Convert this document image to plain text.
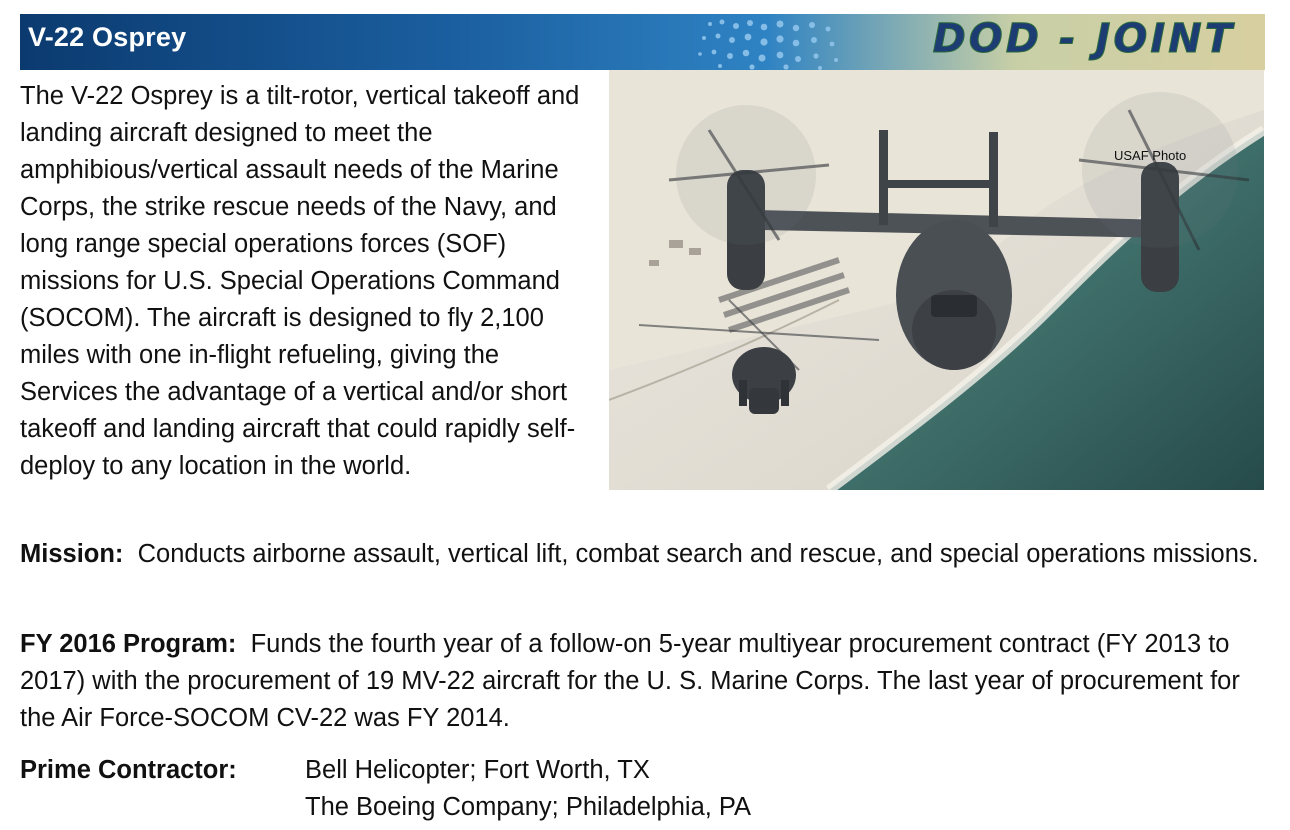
V-22 Osprey	DOD - JOINT

The V-22 Osprey is a tilt-rotor, vertical takeoff and landing aircraft designed to meet the amphibious/vertical assault needs of the Marine Corps, the strike rescue needs of the Navy, and long range special operations forces (SOF) missions for U.S. Special Operations Command (SOCOM). The aircraft is designed to fly 2,100 miles with one in-flight refueling, giving the Services the advantage of a vertical and/or short takeoff and landing aircraft that could rapidly self-deploy to any location in the world.

USAF Photo

Mission: Conducts airborne assault, vertical lift, combat search and rescue, and special operations missions.

FY 2016 Program: Funds the fourth year of a follow-on 5-year multiyear procurement contract (FY 2013 to 2017) with the procurement of 19 MV-22 aircraft for the U. S. Marine Corps. The last year of procurement for the Air Force-SOCOM CV-22 was FY 2014.

Prime Contractor:	Bell Helicopter; Fort Worth, TX
The Boeing Company; Philadelphia, PA
